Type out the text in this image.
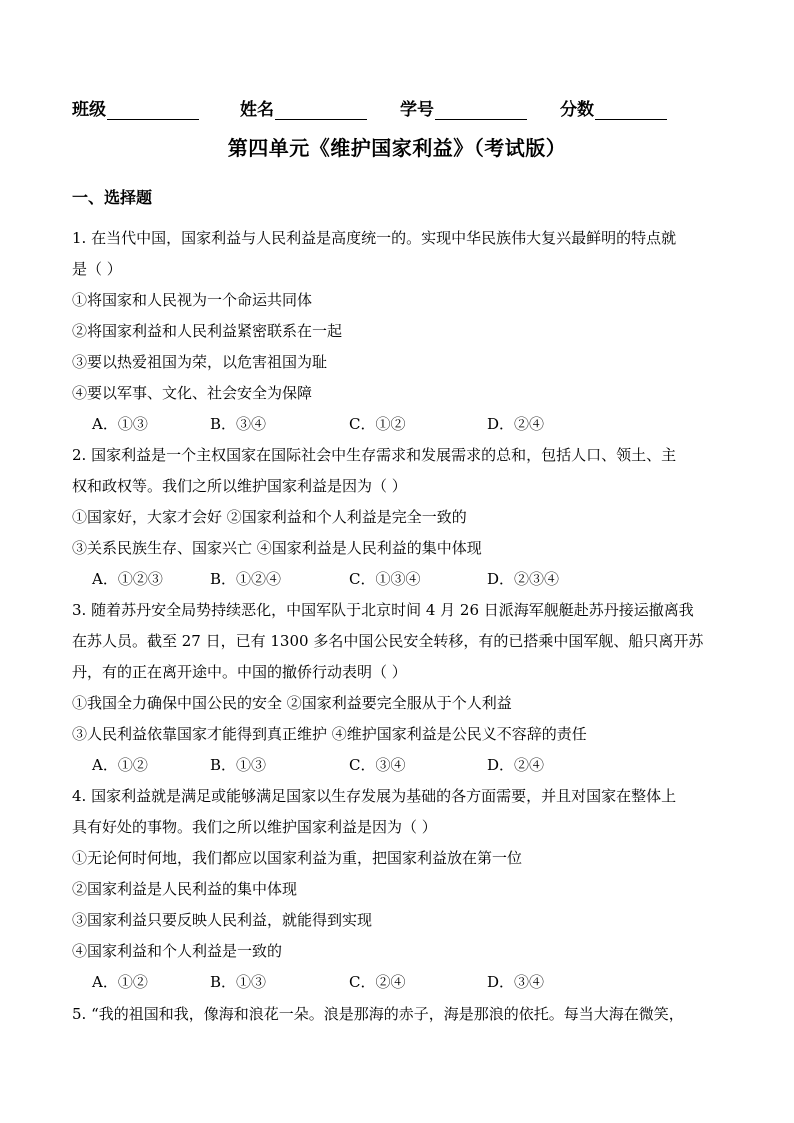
班级	姓名	学号	分数
第四单元《维护国家利益》（考试版）
一、选择题
1. 在当代中国，国家利益与人民利益是高度统一的。实现中华民族伟大复兴最鲜明的特点就
是（ ）
①将国家和人民视为一个命运共同体
②将国家利益和人民利益紧密联系在一起
③要以热爱祖国为荣，以危害祖国为耻
④要以军事、文化、社会安全为保障
A．①③	B．③④	C．①②	D．②④
2. 国家利益是一个主权国家在国际社会中生存需求和发展需求的总和，包括人口、领土、主
权和政权等。我们之所以维护国家利益是因为（ ）
①国家好，大家才会好 ②国家利益和个人利益是完全一致的
③关系民族生存、国家兴亡 ④国家利益是人民利益的集中体现
A．①②③	B．①②④	C．①③④	D．②③④
3. 随着苏丹安全局势持续恶化，中国军队于北京时间 4 月 26 日派海军舰艇赴苏丹接运撤离我
在苏人员。截至 27 日，已有 1300 多名中国公民安全转移，有的已搭乘中国军舰、船只离开苏
丹，有的正在离开途中。中国的撤侨行动表明（ ）
①我国全力确保中国公民的安全 ②国家利益要完全服从于个人利益
③人民利益依靠国家才能得到真正维护 ④维护国家利益是公民义不容辞的责任
A．①②	B．①③	C．③④	D．②④
4. 国家利益就是满足或能够满足国家以生存发展为基础的各方面需要，并且对国家在整体上
具有好处的事物。我们之所以维护国家利益是因为（ ）
①无论何时何地，我们都应以国家利益为重，把国家利益放在第一位
②国家利益是人民利益的集中体现
③国家利益只要反映人民利益，就能得到实现
④国家利益和个人利益是一致的
A．①②	B．①③	C．②④	D．③④
5. “我的祖国和我，像海和浪花一朵。浪是那海的赤子，海是那浪的依托。每当大海在微笑，
